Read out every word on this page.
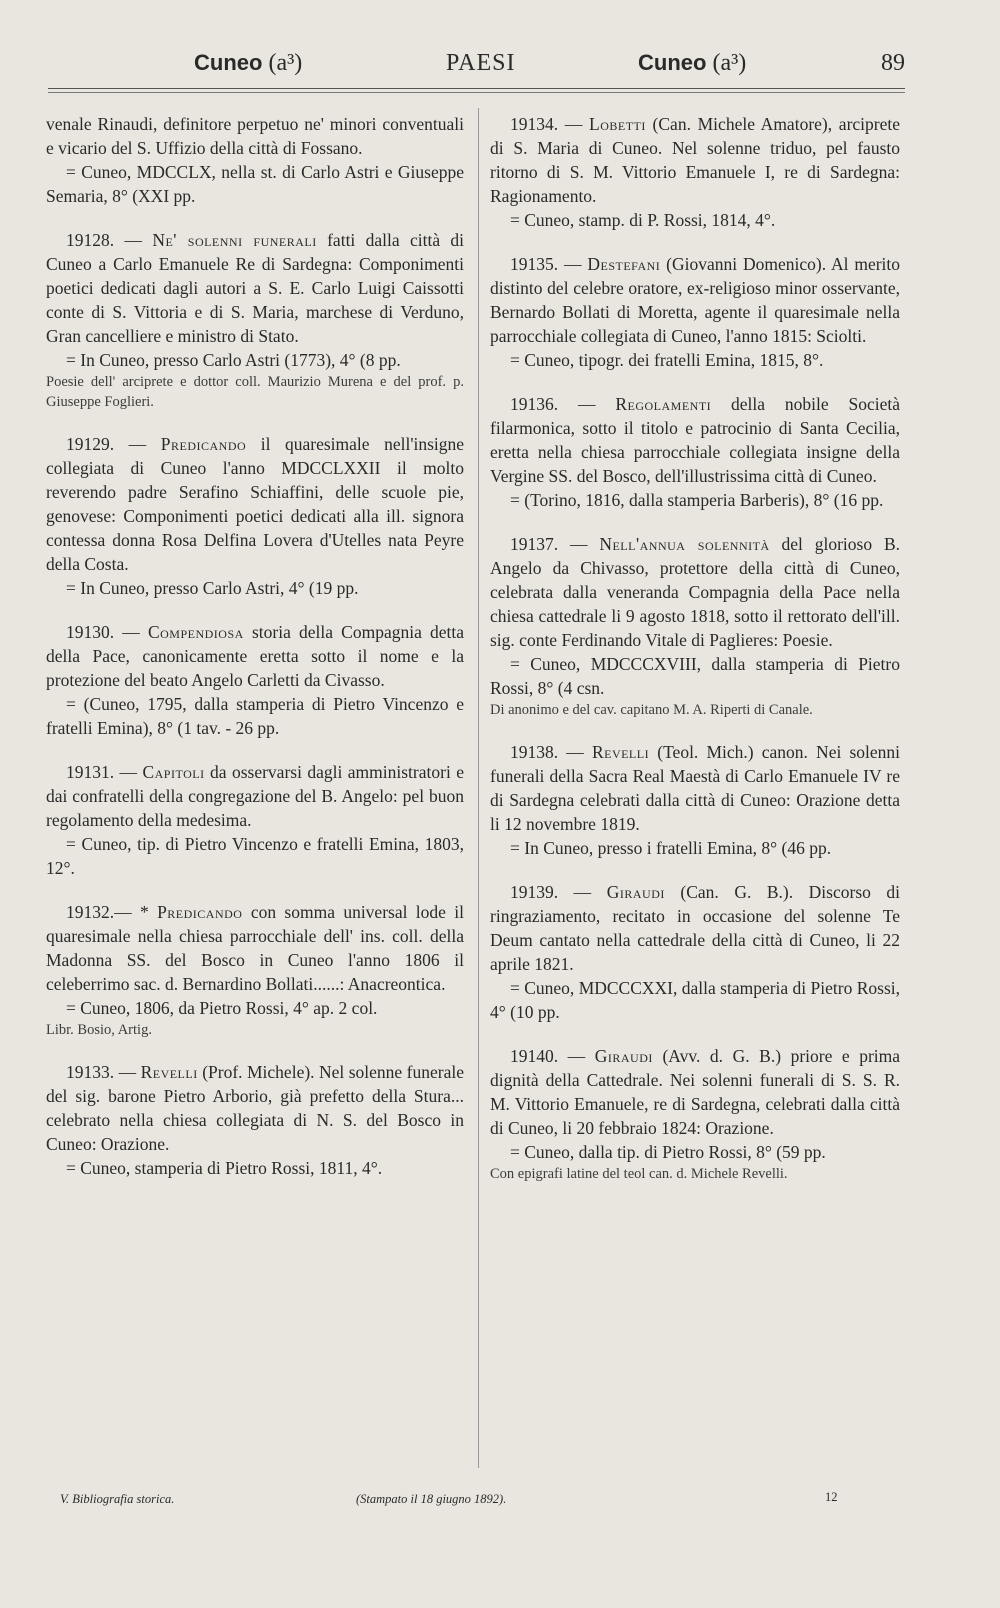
Cuneo (a³)	PAESI	Cuneo (a³)	89

venale Rinaudi, definitore perpetuo ne' minori conventuali e vicario del S. Uffizio della città di Fossano.

= Cuneo, MDCCLX, nella st. di Carlo Astri e Giuseppe Semaria, 8° (XXI pp.

19128. — Ne' solenni funerali fatti dalla città di Cuneo a Carlo Emanuele Re di Sardegna: Componimenti poetici dedicati dagli autori a S. E. Carlo Luigi Caissotti conte di S. Vittoria e di S. Maria, marchese di Verduno, Gran cancelliere e ministro di Stato.

= In Cuneo, presso Carlo Astri (1773), 4° (8 pp.

Poesie dell' arciprete e dottor coll. Maurizio Murena e del prof. p. Giuseppe Foglieri.

19129. — Predicando il quaresimale nell'insigne collegiata di Cuneo l'anno MDCCLXXII il molto reverendo padre Serafino Schiaffini, delle scuole pie, genovese: Componimenti poetici dedicati alla ill. signora contessa donna Rosa Delfina Lovera d'Utelles nata Peyre della Costa.

= In Cuneo, presso Carlo Astri, 4° (19 pp.

19130. — Compendiosa storia della Compagnia detta della Pace, canonicamente eretta sotto il nome e la protezione del beato Angelo Carletti da Civasso.

= (Cuneo, 1795, dalla stamperia di Pietro Vincenzo e fratelli Emina), 8° (1 tav. - 26 pp.

19131. — Capitoli da osservarsi dagli amministratori e dai confratelli della congregazione del B. Angelo: pel buon regolamento della medesima.

= Cuneo, tip. di Pietro Vincenzo e fratelli Emina, 1803, 12°.

19132.— * Predicando con somma universal lode il quaresimale nella chiesa parrocchiale dell' ins. coll. della Madonna SS. del Bosco in Cuneo l'anno 1806 il celeberrimo sac. d. Bernardino Bollati......: Anacreontica.

= Cuneo, 1806, da Pietro Rossi, 4° ap. 2 col.

Libr. Bosio, Artig.

19133. — Revelli (Prof. Michele). Nel solenne funerale del sig. barone Pietro Arborio, già prefetto della Stura... celebrato nella chiesa collegiata di N. S. del Bosco in Cuneo: Orazione.

= Cuneo, stamperia di Pietro Rossi, 1811, 4°.

19134. — Lobetti (Can. Michele Amatore), arciprete di S. Maria di Cuneo. Nel solenne triduo, pel fausto ritorno di S. M. Vittorio Emanuele I, re di Sardegna: Ragionamento.

= Cuneo, stamp. di P. Rossi, 1814, 4°.

19135. — Destefani (Giovanni Domenico). Al merito distinto del celebre oratore, ex-religioso minor osservante, Bernardo Bollati di Moretta, agente il quaresimale nella parrocchiale collegiata di Cuneo, l'anno 1815: Sciolti.

= Cuneo, tipogr. dei fratelli Emina, 1815, 8°.

19136. — Regolamenti della nobile Società filarmonica, sotto il titolo e patrocinio di Santa Cecilia, eretta nella chiesa parrocchiale collegiata insigne della Vergine SS. del Bosco, dell'illustrissima città di Cuneo.

= (Torino, 1816, dalla stamperia Barberis), 8° (16 pp.

19137. — Nell'annua solennità del glorioso B. Angelo da Chivasso, protettore della città di Cuneo, celebrata dalla veneranda Compagnia della Pace nella chiesa cattedrale li 9 agosto 1818, sotto il rettorato dell'ill. sig. conte Ferdinando Vitale di Paglieres: Poesie.

= Cuneo, MDCCCXVIII, dalla stamperia di Pietro Rossi, 8° (4 csn.

Di anonimo e del cav. capitano M. A. Riperti di Canale.

19138. — Revelli (Teol. Mich.) canon. Nei solenni funerali della Sacra Real Maestà di Carlo Emanuele IV re di Sardegna celebrati dalla città di Cuneo: Orazione detta li 12 novembre 1819.

= In Cuneo, presso i fratelli Emina, 8° (46 pp.

19139. — Giraudi (Can. G. B.). Discorso di ringraziamento, recitato in occasione del solenne Te Deum cantato nella cattedrale della città di Cuneo, li 22 aprile 1821.

= Cuneo, MDCCCXXI, dalla stamperia di Pietro Rossi, 4° (10 pp.

19140. — Giraudi (Avv. d. G. B.) priore e prima dignità della Cattedrale. Nei solenni funerali di S. S. R. M. Vittorio Emanuele, re di Sardegna, celebrati dalla città di Cuneo, li 20 febbraio 1824: Orazione.

= Cuneo, dalla tip. di Pietro Rossi, 8° (59 pp.

Con epigrafi latine del teol can. d. Michele Revelli.

V. Bibliografia storica.	(Stampato il 18 giugno 1892).	12
